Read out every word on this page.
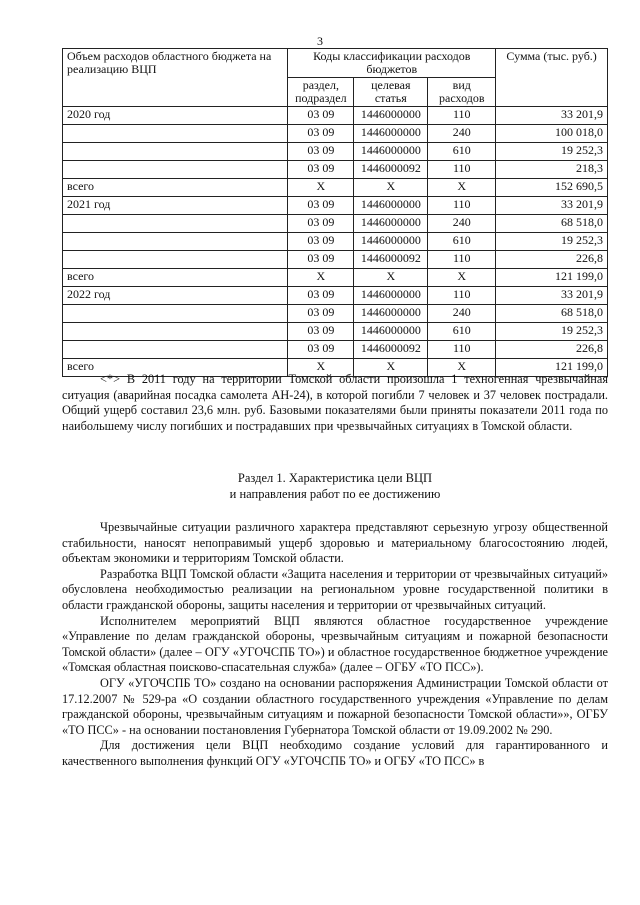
3
Объем расходов областного бюджета на реализацию ВЦП	Коды классификации расходов бюджетов			Сумма (тыс. руб.)
	раздел, подраздел	целевая статья	вид расходов	
2020 год	03 09	1446000000	110	33 201,9
	03 09	1446000000	240	100 018,0
	03 09	1446000000	610	19 252,3
	03 09	1446000092	110	218,3
всего	X	X	X	152 690,5
2021 год	03 09	1446000000	110	33 201,9
	03 09	1446000000	240	68 518,0
	03 09	1446000000	610	19 252,3
	03 09	1446000092	110	226,8
всего	X	X	X	121 199,0
2022 год	03 09	1446000000	110	33 201,9
	03 09	1446000000	240	68 518,0
	03 09	1446000000	610	19 252,3
	03 09	1446000092	110	226,8
всего	X	X	X	121 199,0

<*> В 2011 году на территории Томской области произошла 1 техногенная чрезвычайная ситуация (аварийная посадка самолета АН-24), в которой погибли 7 человек и 37 человек пострадали. Общий ущерб составил 23,6 млн. руб. Базовыми показателями были приняты показатели 2011 года по наибольшему числу погибших и пострадавших при чрезвычайных ситуациях в Томской области.

Раздел 1. Характеристика цели ВЦП

и направления работ по ее достижению

Чрезвычайные ситуации различного характера представляют серьезную угрозу общественной стабильности, наносят непоправимый ущерб здоровью и материальному благосостоянию людей, объектам экономики и территориям Томской области.

Разработка ВЦП Томской области «Защита населения и территории от чрезвычайных ситуаций» обусловлена необходимостью реализации на региональном уровне государственной политики в области гражданской обороны, защиты населения и территории от чрезвычайных ситуаций.

Исполнителем мероприятий ВЦП являются областное государственное учреждение «Управление по делам гражданской обороны, чрезвычайным ситуациям и пожарной безопасности Томской области» (далее – ОГУ «УГОЧСПБ ТО») и областное государственное бюджетное учреждение «Томская областная поисково-спасательная служба» (далее – ОГБУ «ТО ПСС»).

ОГУ «УГОЧСПБ ТО» создано на основании распоряжения Администрации Томской области от 17.12.2007 № 529-ра «О создании областного государственного учреждения «Управление по делам гражданской обороны, чрезвычайным ситуациям и пожарной безопасности Томской области»», ОГБУ «ТО ПСС» - на основании постановления Губернатора Томской области от 19.09.2002 № 290.

Для достижения цели ВЦП необходимо создание условий для гарантированного и качественного выполнения функций ОГУ «УГОЧСПБ ТО» и ОГБУ «ТО ПСС» в
